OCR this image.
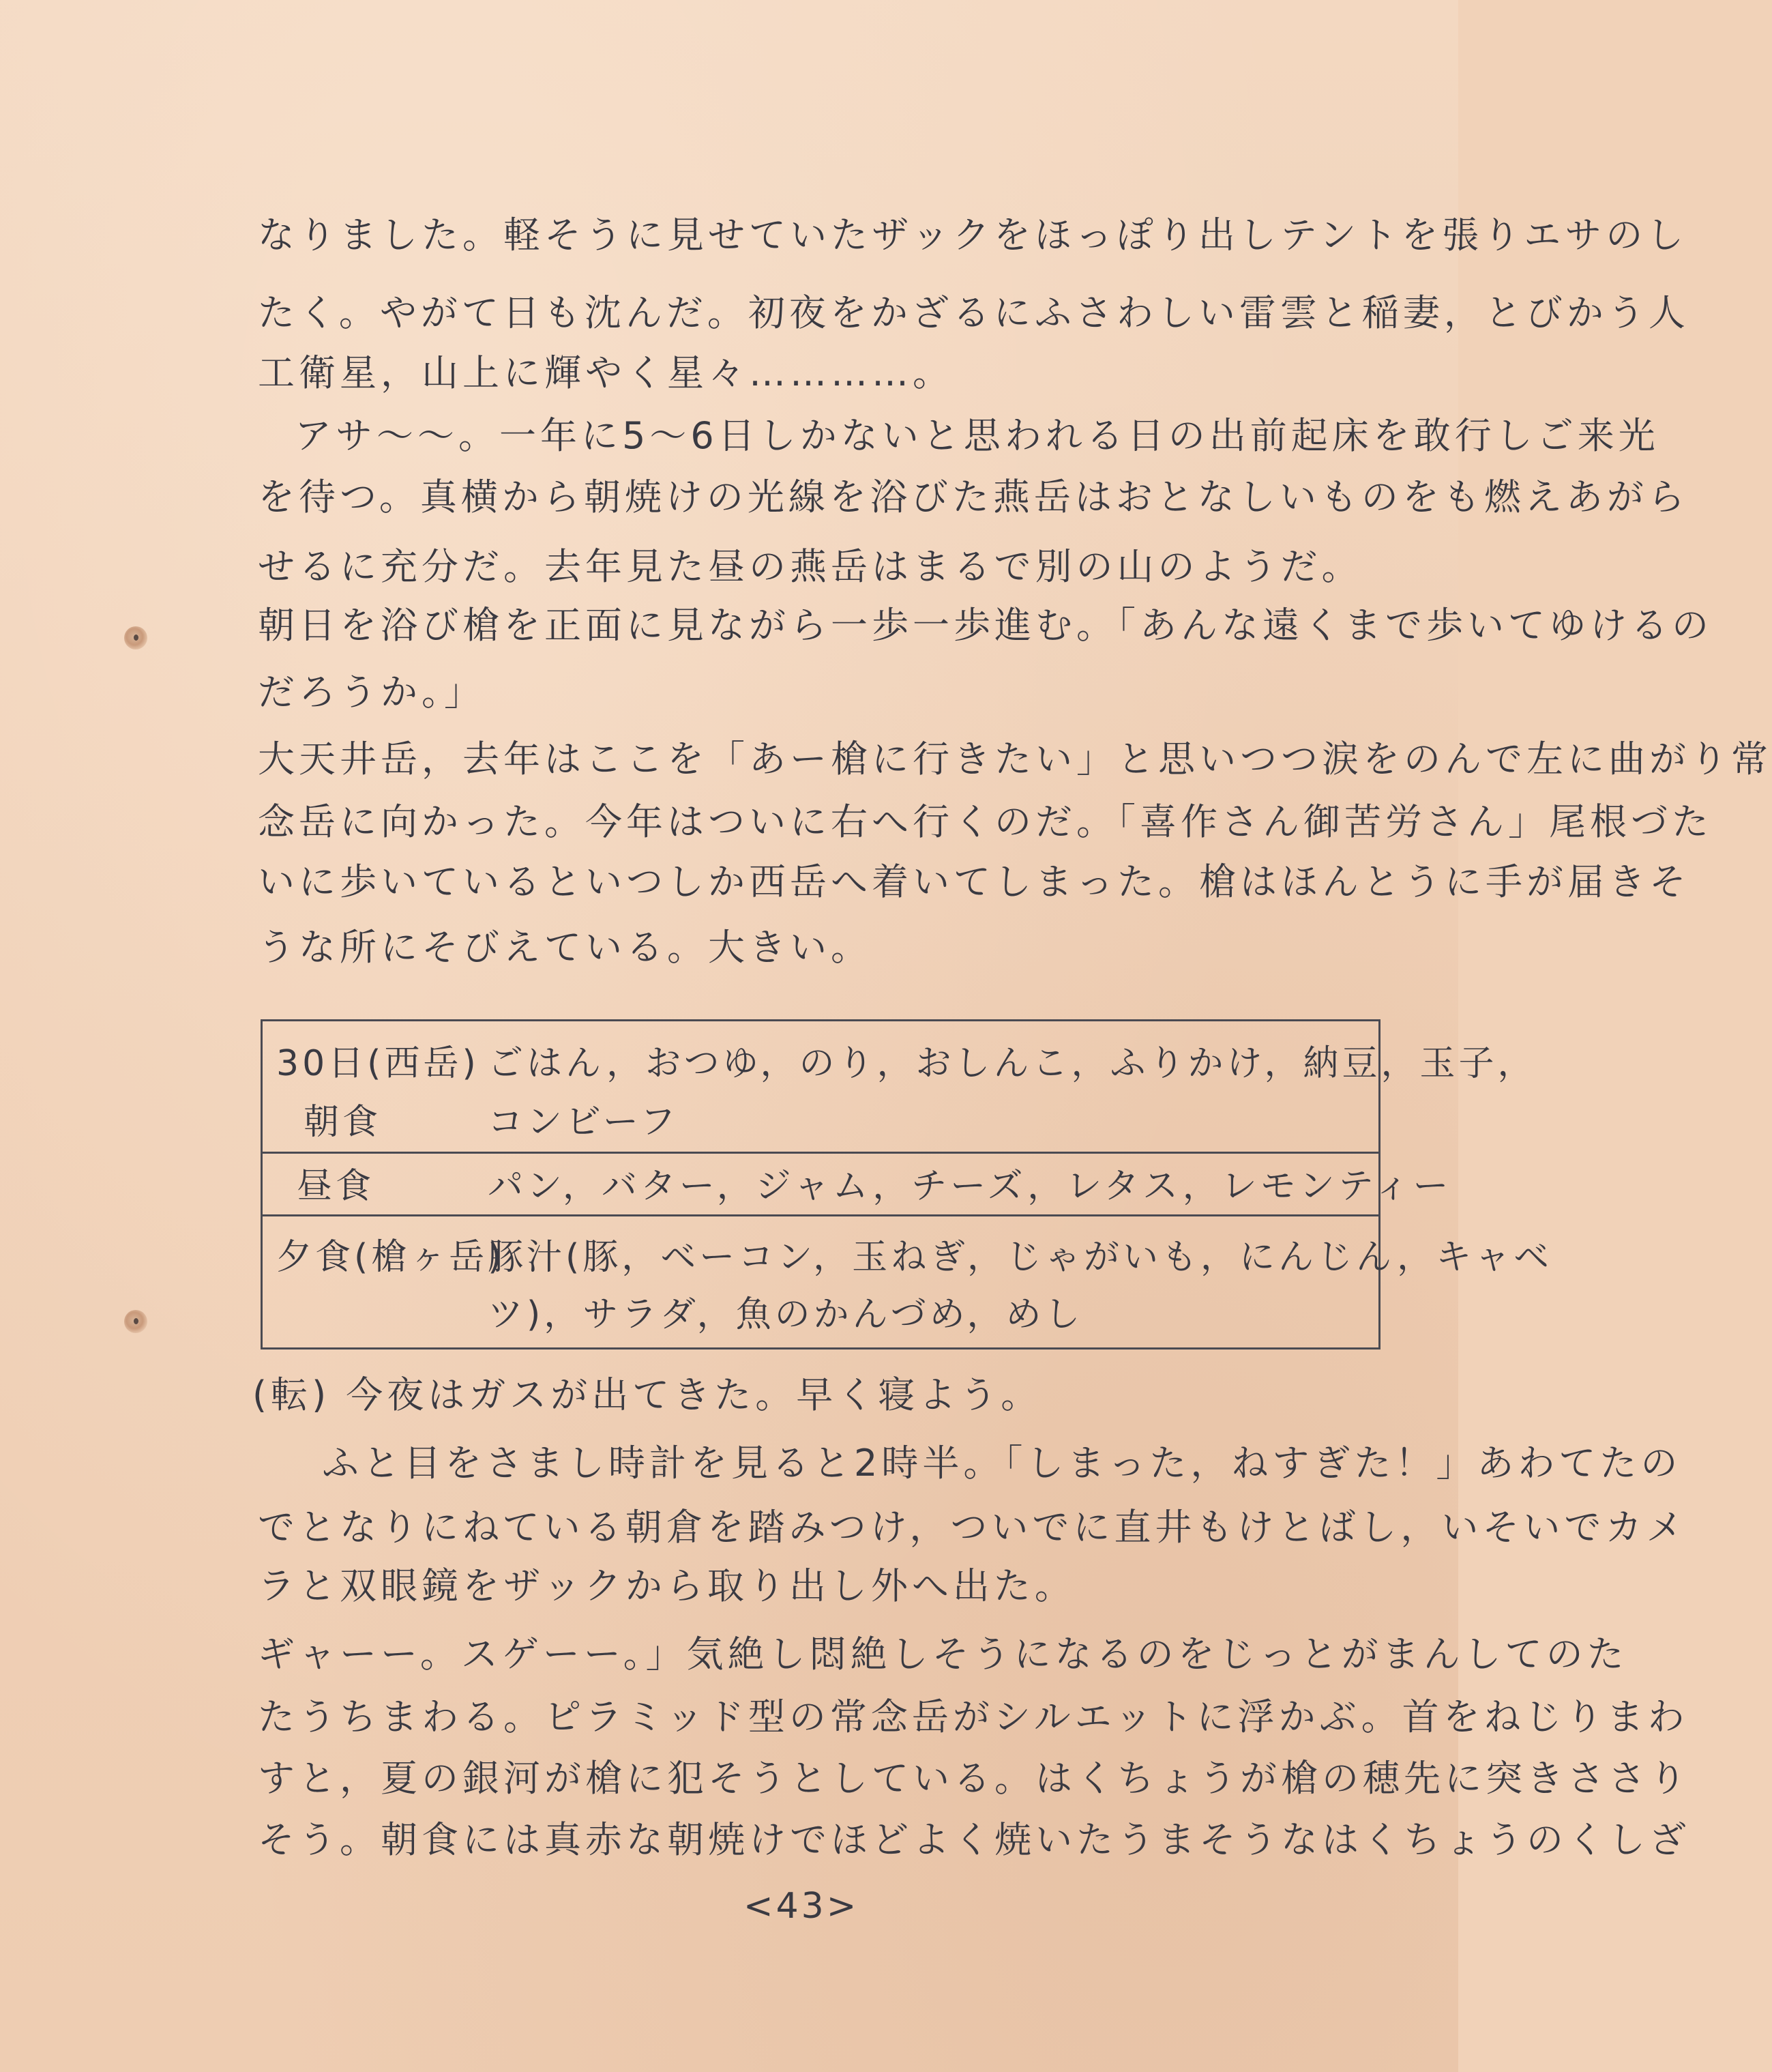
なりました。軽そうに見せていたザックをほっぽり出しテントを張りエサのし
たく。やがて日も沈んだ。初夜をかざるにふさわしい雷雲と稲妻，とびかう人
工衛星，山上に輝やく星々…………。
アサ〜〜。一年に5〜6日しかないと思われる日の出前起床を敢行しご来光
を待つ。真横から朝焼けの光線を浴びた燕岳はおとなしいものをも燃えあがら
せるに充分だ。去年見た昼の燕岳はまるで別の山のようだ。
朝日を浴び槍を正面に見ながら一歩一歩進む。「あんな遠くまで歩いてゆけるの
だろうか。」
大天井岳，去年はここを「あー槍に行きたい」と思いつつ涙をのんで左に曲がり常
念岳に向かった。今年はついに右へ行くのだ。「喜作さん御苦労さん」尾根づた
いに歩いているといつしか西岳へ着いてしまった。槍はほんとうに手が届きそ
うな所にそびえている。大きい。
30日(西岳)
朝食
ごはん，おつゆ，のり，おしんこ，ふりかけ，納豆，玉子，
コンビーフ
昼食	パン，バター，ジャム，チーズ，レタス，レモンティー
夕食(槍ヶ岳)
豚汁(豚，ベーコン，玉ねぎ，じゃがいも，にんじん，キャベ
ツ)，サラダ，魚のかんづめ，めし
(転) 今夜はガスが出てきた。早く寝よう。
ふと目をさまし時計を見ると2時半。「しまった，ねすぎた！」あわてたの
でとなりにねている朝倉を踏みつけ，ついでに直井もけとばし，いそいでカメ
ラと双眼鏡をザックから取り出し外へ出た。
ギャーー。スゲーー。」気絶し悶絶しそうになるのをじっとがまんしてのた
たうちまわる。ピラミッド型の常念岳がシルエットに浮かぶ。首をねじりまわ
すと，夏の銀河が槍に犯そうとしている。はくちょうが槍の穂先に突きささり
そう。朝食には真赤な朝焼けでほどよく焼いたうまそうなはくちょうのくしざ
<43>
